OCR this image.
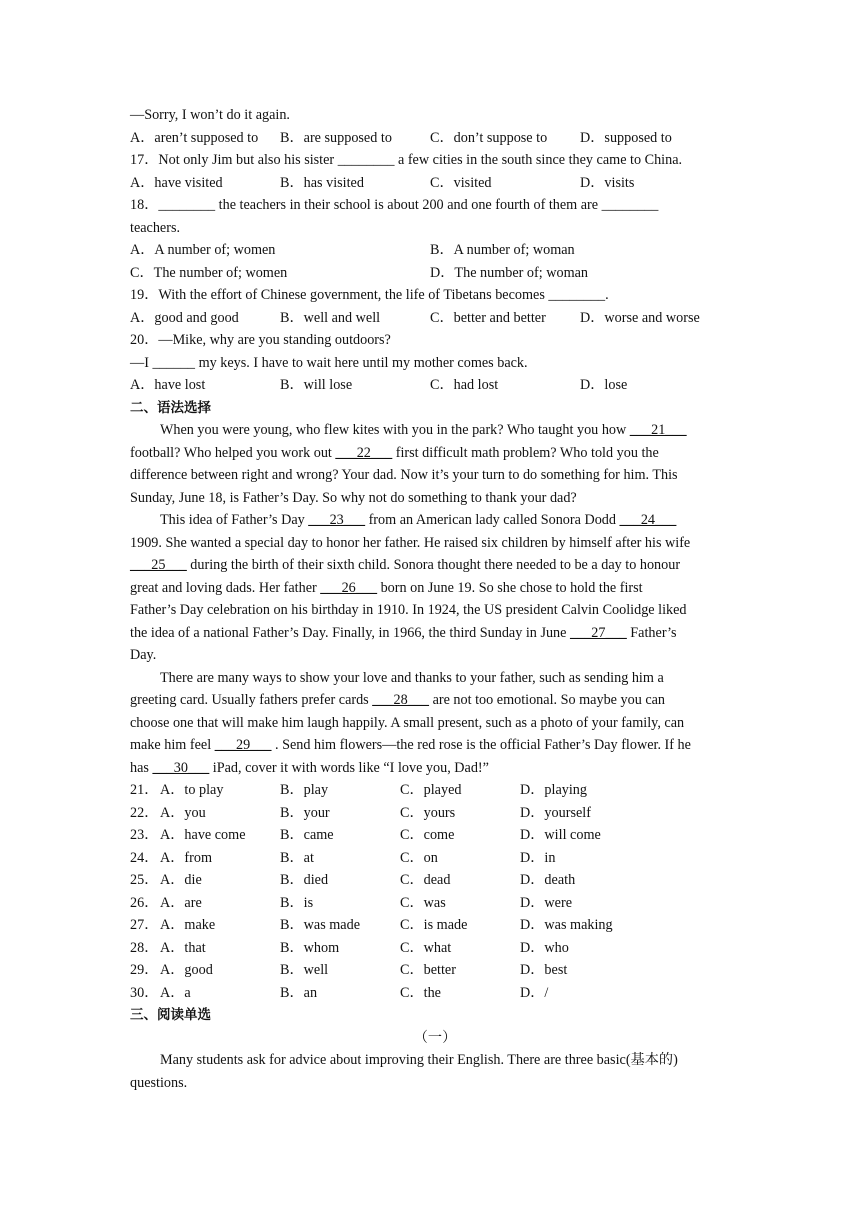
—Sorry, I won’t do it again.
A．aren’t supposed to	B．are supposed to	C．don’t suppose to	D．supposed to
17．Not only Jim but also his sister ________ a few cities in the south since they came to China.
A．have visited	B．has visited	C．visited	D．visits
18．________ the teachers in their school is about 200 and one fourth of them are ________
teachers.
A．A number of; women	B．A number of; woman
C．The number of; women	D．The number of; woman
19．With the effort of Chinese government, the life of Tibetans becomes ________.
A．good and good	B．well and well	C．better and better	D．worse and worse
20．—Mike, why are you standing outdoors?
—I ______ my keys. I have to wait here until my mother comes back.
A．have lost	B．will lose	C．had lost	D．lose
二、语法选择
When you were young, who flew kites with you in the park? Who taught you how ___21___
football? Who helped you work out ___22___ first difficult math problem? Who told you the
difference between right and wrong? Your dad. Now it’s your turn to do something for him. This
Sunday, June 18, is Father’s Day. So why not do something to thank your dad?
This idea of Father’s Day ___23___ from an American lady called Sonora Dodd ___24___
1909. She wanted a special day to honor her father. He raised six children by himself after his wife
___25___ during the birth of their sixth child. Sonora thought there needed to be a day to honour
great and loving dads. Her father ___26___ born on June 19. So she chose to hold the first
Father’s Day celebration on his birthday in 1910. In 1924, the US president Calvin Coolidge liked
the idea of a national Father’s Day. Finally, in 1966, the third Sunday in June ___27___ Father’s
Day.
There are many ways to show your love and thanks to your father, such as sending him a
greeting card. Usually fathers prefer cards ___28___ are not too emotional. So maybe you can
choose one that will make him laugh happily. A small present, such as a photo of your family, can
make him feel ___29___ . Send him flowers—the red rose is the official Father’s Day flower. If he
has ___30___ iPad, cover it with words like “I love you, Dad!”
21． A．to play	B．play	C．played	D．playing
22． A．you	B．your	C．yours	D．yourself
23． A．have come	B．came	C．come	D．will come
24． A．from	B．at	C．on	D．in
25． A．die	B．died	C．dead	D．death
26． A．are	B．is	C．was	D．were
27． A．make	B．was made	C．is made	D．was making
28． A．that	B．whom	C．what	D．who
29． A．good	B．well	C．better	D．best
30． A．a	B．an	C．the	D．/
三、阅读单选
（一）
Many students ask for advice about improving their English. There are three basic(基本的)
questions.
